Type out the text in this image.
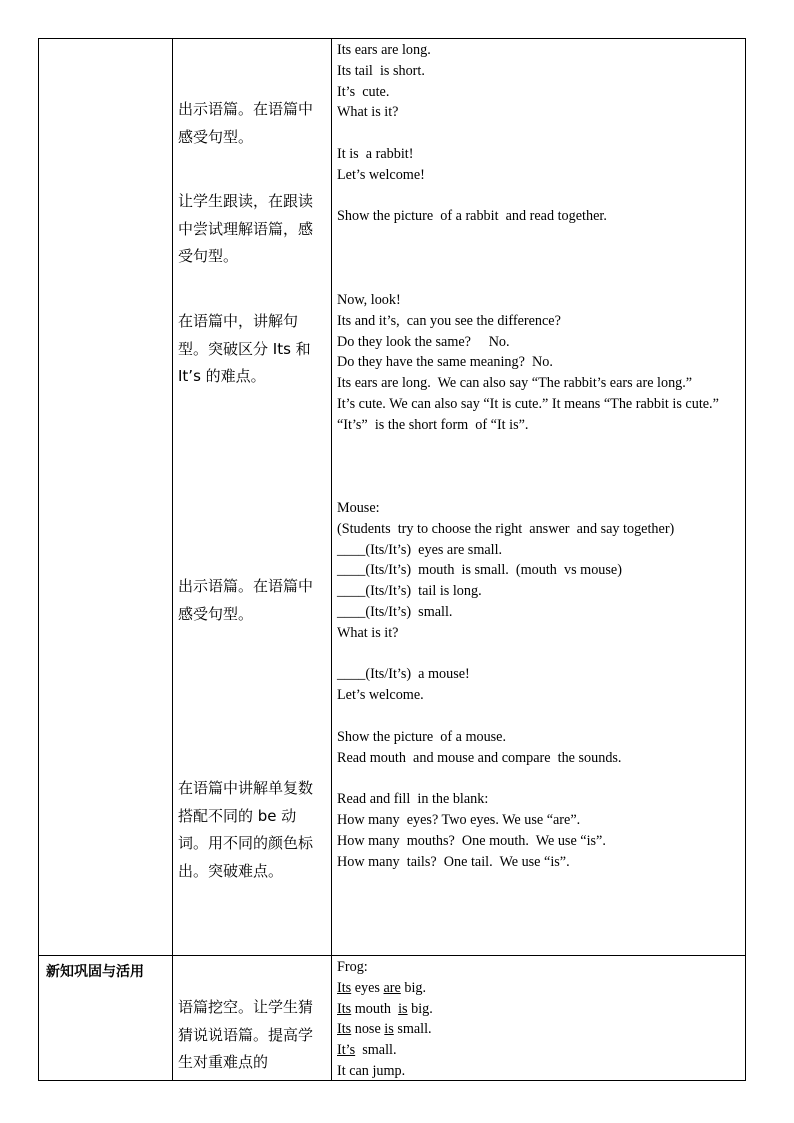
新知巩固与活用
出示语篇。在语篇中感受句型。
让学生跟读，在跟读中尝试理解语篇，感受句型。
在语篇中，讲解句型。突破区分 Its 和 It’s 的难点。
出示语篇。在语篇中感受句型。
在语篇中讲解单复数搭配不同的 be 动词。用不同的颜色标出。突破难点。
语篇挖空。让学生猜猜说说语篇。提高学生对重难点的
Its ears are long.
Its tail  is short.
It’s  cute.
What is it?

It is  a rabbit!
Let’s welcome!

Show the picture  of a rabbit  and read together.
Now, look!
Its and it’s,  can you see the difference?
Do they look the same?     No.
Do they have the same meaning?  No.
Its ears are long.  We can also say “The rabbit’s ears are long.”
It’s cute. We can also say “It is cute.” It means “The rabbit is cute.”
“It’s”  is the short form  of “It is”.
Mouse:
(Students  try to choose the right  answer  and say together)
____(Its/It’s)  eyes are small.
____(Its/It’s)  mouth  is small.  (mouth  vs mouse)
____(Its/It’s)  tail is long.
____(Its/It’s)  small.
What is it?

____(Its/It’s)  a mouse!
Let’s welcome.

Show the picture  of a mouse.
Read mouth  and mouse and compare  the sounds.

Read and fill  in the blank:
How many  eyes? Two eyes. We use “are”.
How many  mouths?  One mouth.  We use “is”.
How many  tails?  One tail.  We use “is”.
Frog:
Its eyes are big.
Its mouth  is big.
Its nose is small.
It’s  small.
It can jump.
